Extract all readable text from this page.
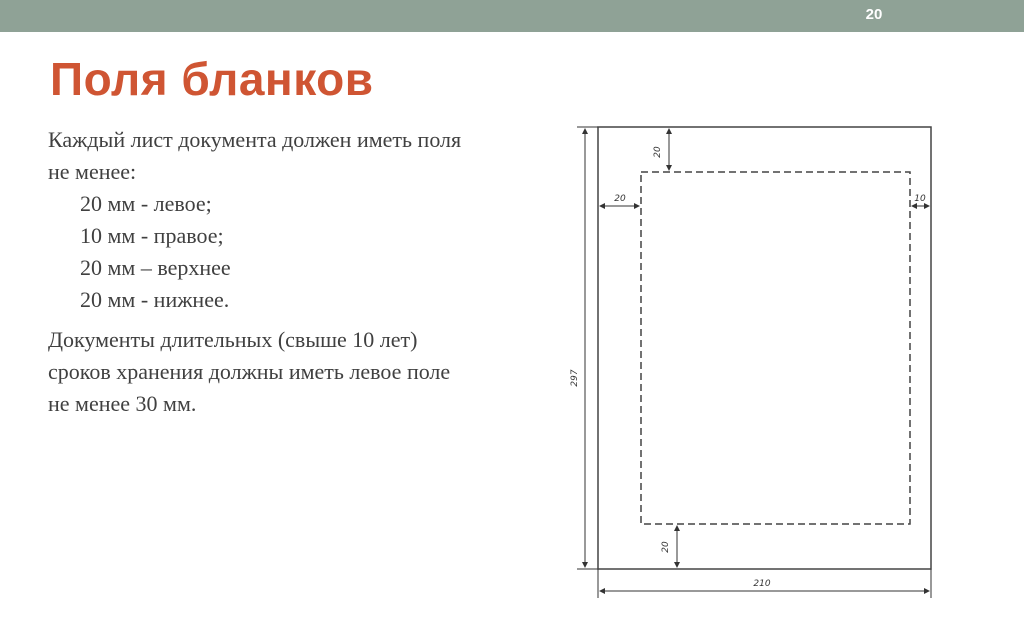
20
Поля бланков

Каждый лист документа должен иметь поля

не менее:

20 мм - левое;

10 мм - правое;

20 мм – верхнее

20 мм - нижнее.

Документы длительных (свыше 10 лет)

сроков хранения должны иметь левое поле

не менее 30 мм.

20
20	10
20
297
210
